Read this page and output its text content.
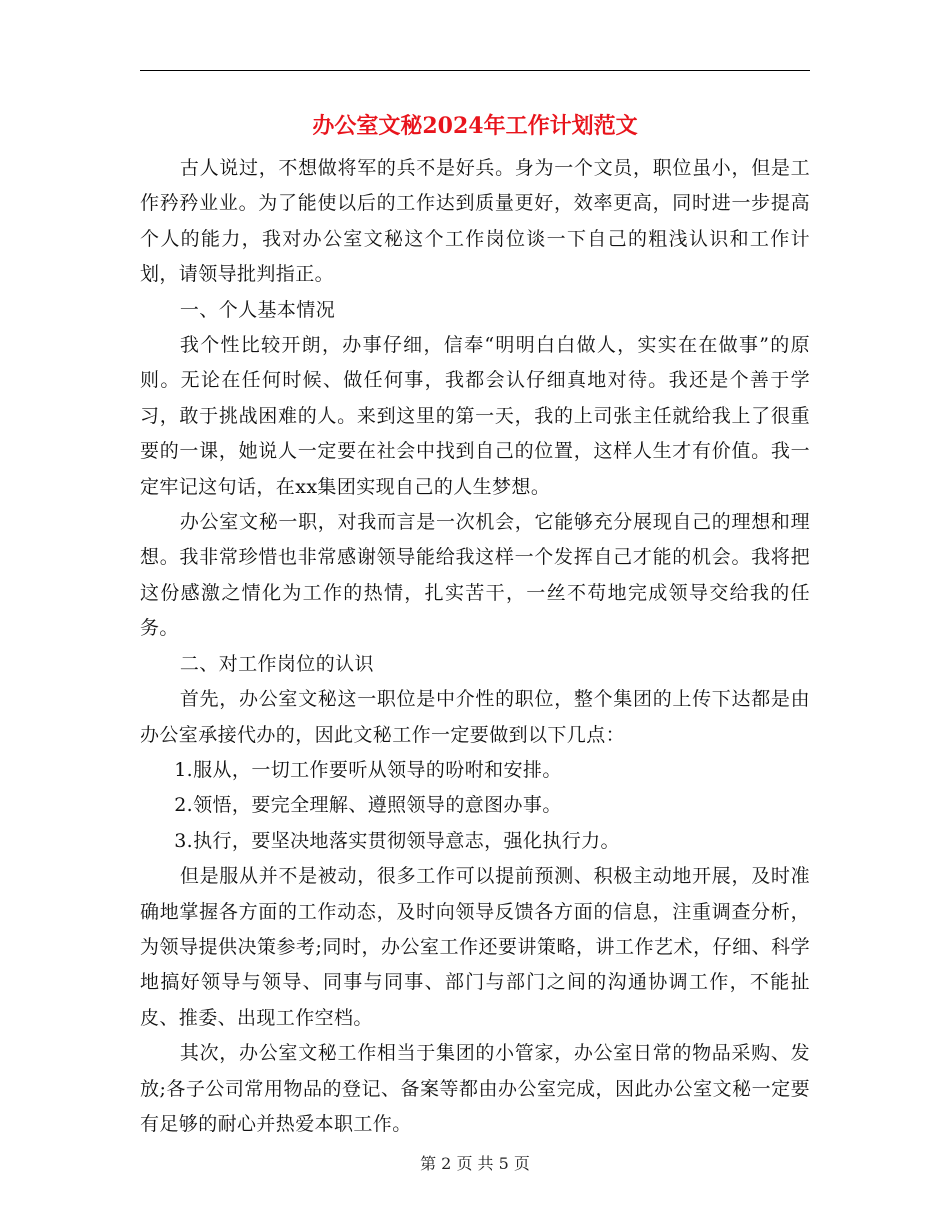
办公室文秘2024年工作计划范文

古人说过，不想做将军的兵不是好兵。身为一个文员，职位虽小，但是工作矜矜业业。为了能使以后的工作达到质量更好，效率更高，同时进一步提高个人的能力，我对办公室文秘这个工作岗位谈一下自己的粗浅认识和工作计划，请领导批判指正。

一、个人基本情况

我个性比较开朗，办事仔细，信奉“明明白白做人，实实在在做事”的原则。无论在任何时候、做任何事，我都会认仔细真地对待。我还是个善于学习，敢于挑战困难的人。来到这里的第一天，我的上司张主任就给我上了很重要的一课，她说人一定要在社会中找到自己的位置，这样人生才有价值。我一定牢记这句话，在xx集团实现自己的人生梦想。

办公室文秘一职，对我而言是一次机会，它能够充分展现自己的理想和理想。我非常珍惜也非常感谢领导能给我这样一个发挥自己才能的机会。我将把这份感激之情化为工作的热情，扎实苦干，一丝不苟地完成领导交给我的任务。

二、对工作岗位的认识

首先，办公室文秘这一职位是中介性的职位，整个集团的上传下达都是由办公室承接代办的，因此文秘工作一定要做到以下几点：

1.服从，一切工作要听从领导的吩咐和安排。

2.领悟，要完全理解、遵照领导的意图办事。

3.执行，要坚决地落实贯彻领导意志，强化执行力。

但是服从并不是被动，很多工作可以提前预测、积极主动地开展，及时准确地掌握各方面的工作动态，及时向领导反馈各方面的信息，注重调查分析，为领导提供决策参考;同时，办公室工作还要讲策略，讲工作艺术，仔细、科学地搞好领导与领导、同事与同事、部门与部门之间的沟通协调工作，不能扯皮、推委、出现工作空档。

其次，办公室文秘工作相当于集团的小管家，办公室日常的物品采购、发放;各子公司常用物品的登记、备案等都由办公室完成，因此办公室文秘一定要有足够的耐心并热爱本职工作。

第 2 页 共 5 页
